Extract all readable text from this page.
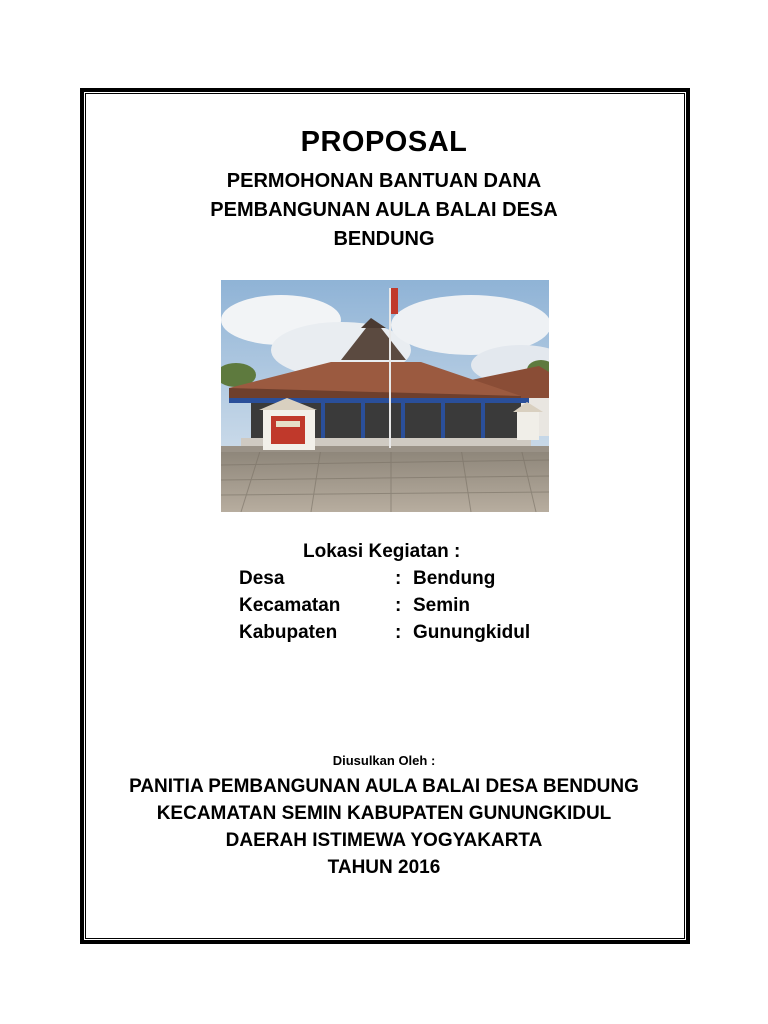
PROPOSAL
PERMOHONAN BANTUAN DANA
PEMBANGUNAN AULA BALAI DESA
BENDUNG
Lokasi Kegiatan :
Desa	: Bendung
Kecamatan	: Semin
Kabupaten	: Gunungkidul
Diusulkan Oleh :
PANITIA PEMBANGUNAN AULA BALAI DESA BENDUNG
KECAMATAN SEMIN KABUPATEN GUNUNGKIDUL
DAERAH ISTIMEWA YOGYAKARTA
TAHUN 2016
